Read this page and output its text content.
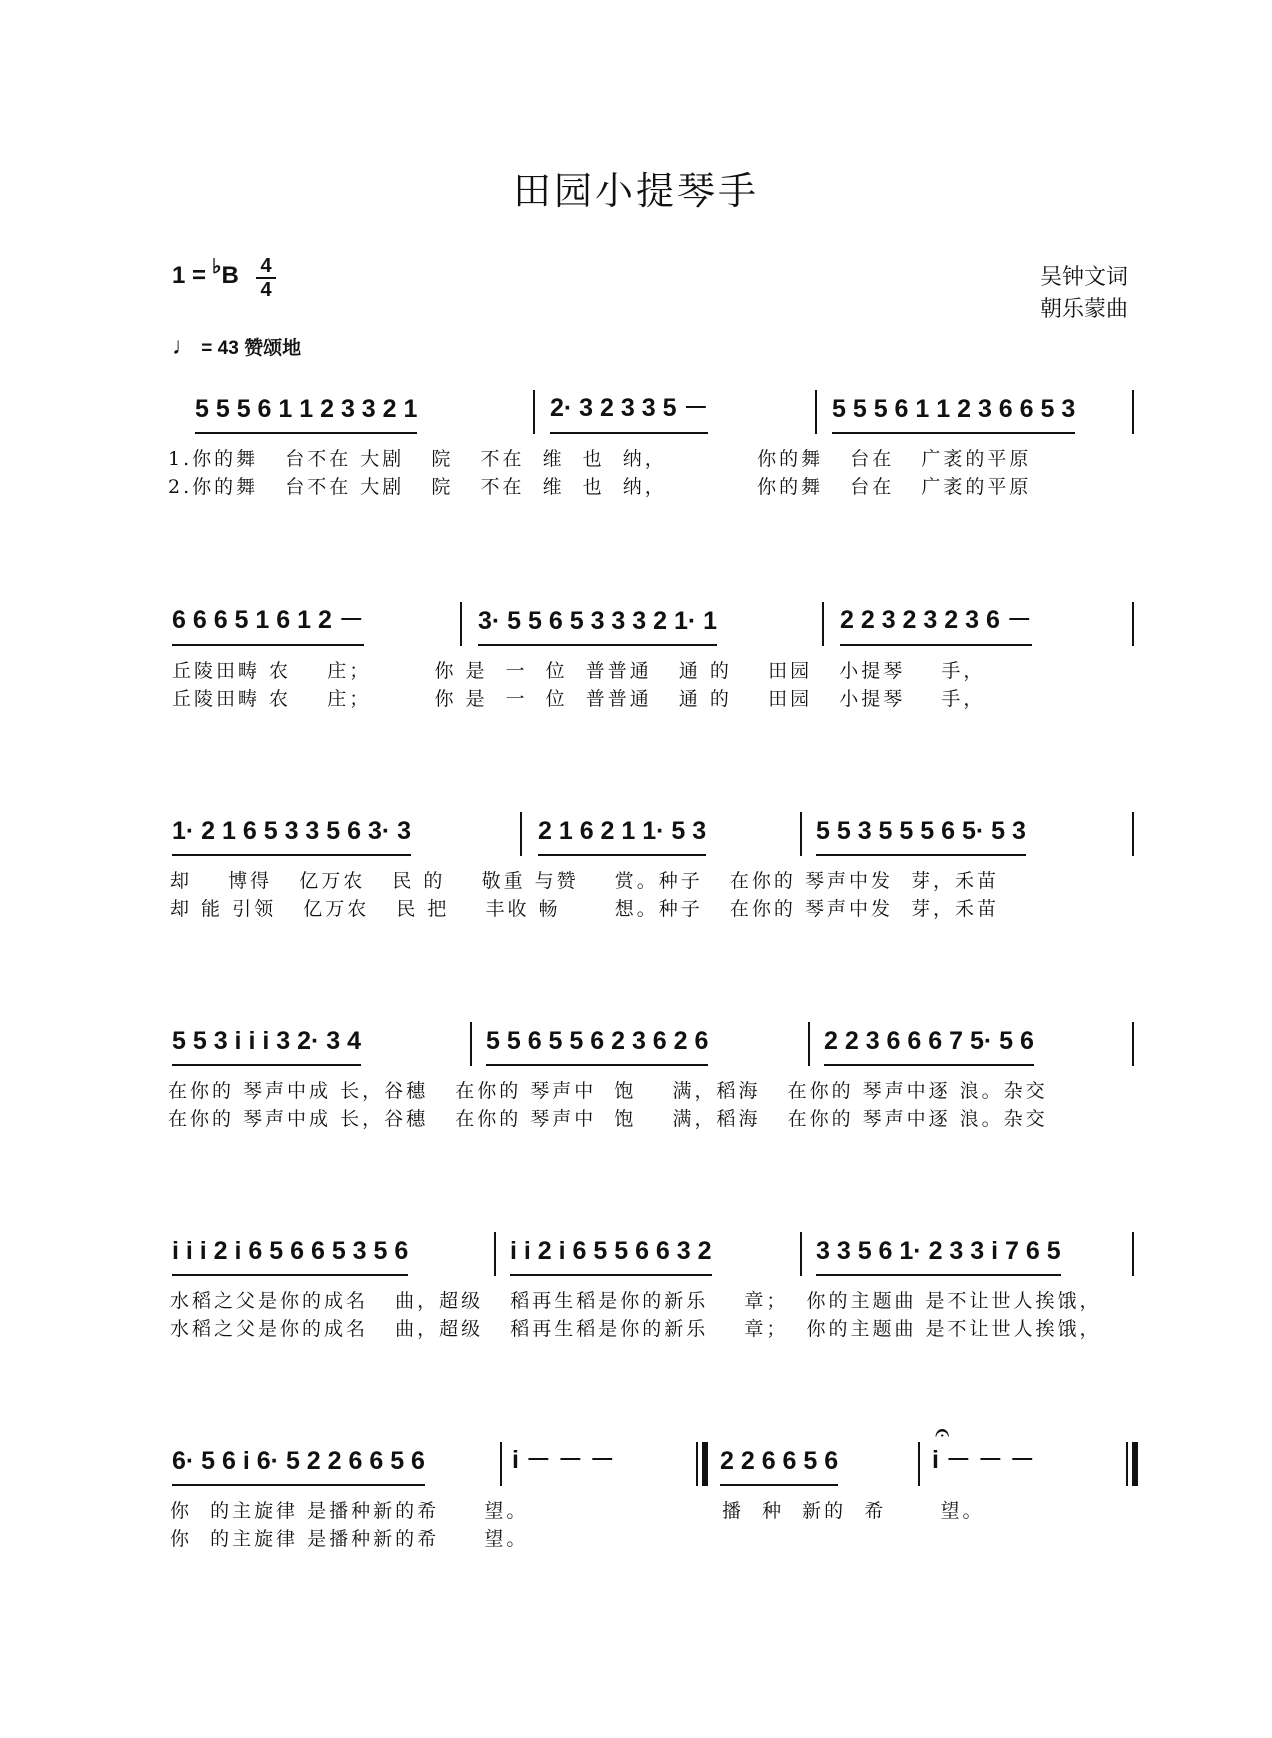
田园小提琴手
1 = ♭B 4
4	吴钟文词
朝乐蒙曲
♩ = 43 赞颂地
5 5 5 6 1 1 2 3 3 2 1	2· 3 2 3 3 5 －	5 5 5 6 1 1 2 3 6 6 5 3
1.你的舞   台不在 大剧   院   不在  维  也  纳，          你的舞   台在   广袤的平原
2.你的舞   台不在 大剧   院   不在  维  也  纳，          你的舞   台在   广袤的平原
6 6 6 5 1 6 1 2 －	3· 5 5 6 5 3 3 3 2 1· 1	2 2 3 2 3 2 3 6 －
丘陵田畴 农    庄；       你 是  一  位  普普通   通 的    田园   小提琴    手，
丘陵田畴 农    庄；       你 是  一  位  普普通   通 的    田园   小提琴    手，
1· 2 1 6 5 3 3 5 6 3· 3	2 1 6 2 1 1· 5 3	5 5 3 5 5 5 6 5· 5 3
却    博得   亿万农   民 的    敬重 与赞    赏。种子   在你的 琴声中发  芽，禾苗
却 能 引领   亿万农   民 把    丰收 畅      想。种子   在你的 琴声中发  芽，禾苗
5 5 3 i i i 3 2· 3 4	5 5 6 5 5 6 2 3 6 2 6	2 2 3 6 6 6 7 5· 5 6
在你的 琴声中成 长，谷穗   在你的 琴声中  饱    满，稻海   在你的 琴声中逐 浪。杂交
在你的 琴声中成 长，谷穗   在你的 琴声中  饱    满，稻海   在你的 琴声中逐 浪。杂交
i i i 2 i 6 5 6 6 5 3 5 6	i i 2 i 6 5 5 6 6 3 2	3 3 5 6 1· 2 3 3 i 7 6 5
水稻之父是你的成名   曲，超级   稻再生稻是你的新乐    章；  你的主题曲 是不让世人挨饿，
水稻之父是你的成名   曲，超级   稻再生稻是你的新乐    章；  你的主题曲 是不让世人挨饿，
6· 5 6 i 6· 5 2 2 6 6 5 6	i － － －	2 2 6 6 5 6	i － － －
𝄐
你  的主旋律 是播种新的希     望。	播  种  新的  希      望。
你  的主旋律 是播种新的希     望。
